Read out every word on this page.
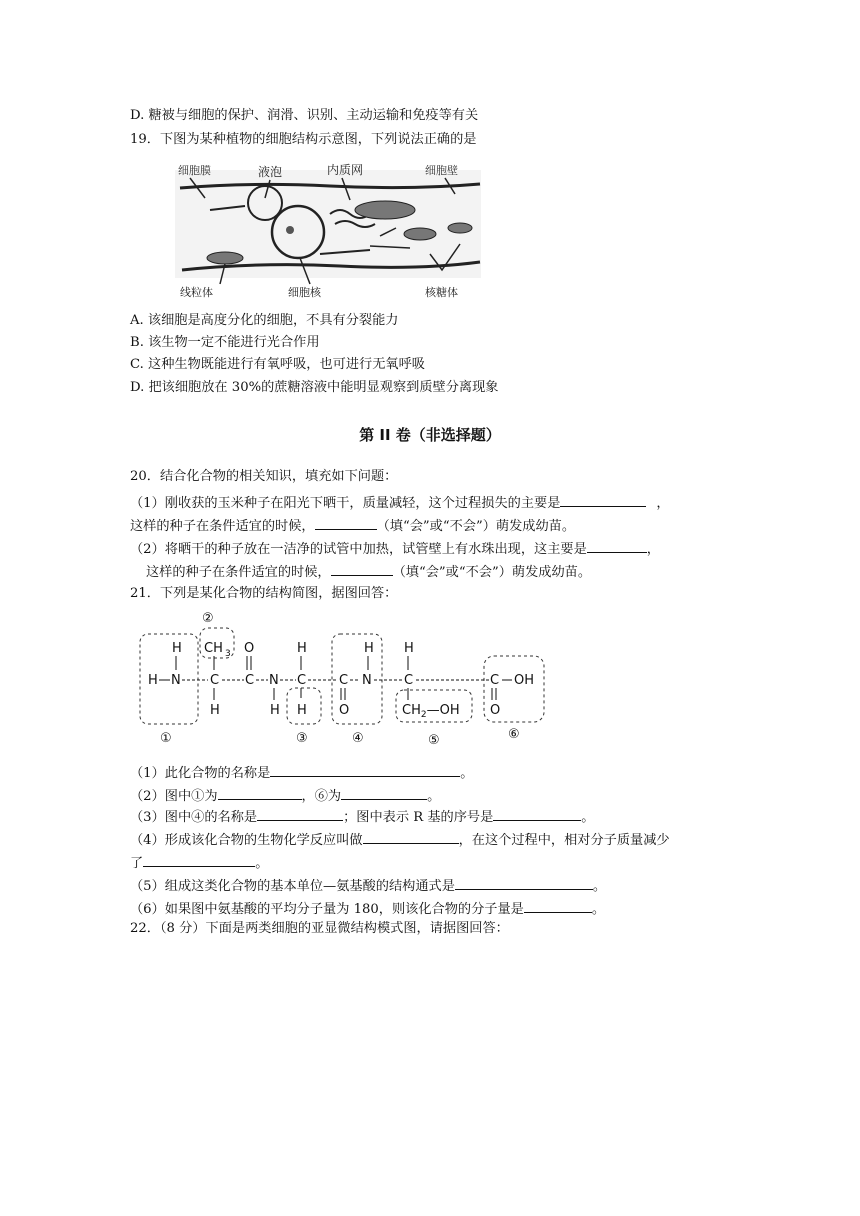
D. 糖被与细胞的保护、润滑、识别、主动运输和免疫等有关
19．下图为某种植物的细胞结构示意图，下列说法正确的是
细胞膜	液泡	内质网	细胞壁
线粒体	细胞核	核糖体
A. 该细胞是高度分化的细胞，不具有分裂能力
B. 该生物一定不能进行光合作用
C. 这种生物既能进行有氧呼吸，也可进行无氧呼吸
D. 把该细胞放在 30%的蔗糖溶液中能明显观察到质壁分离现象
第 II 卷（非选择题）
20．结合化合物的相关知识，填充如下问题：
（1）刚收获的玉米种子在阳光下晒干，质量减轻，这个过程损失的主要是	，
这样的种子在条件适宜的时候，	（填“会”或“不会”）萌发成幼苗。
（2）将晒干的种子放在一洁净的试管中加热，试管壁上有水珠出现，这主要是	，
这样的种子在条件适宜的时候，	（填“会”或“不会”）萌发成幼苗。
21．下列是某化合物的结构简图，据图回答：
②
H
H N
CH 3
C
H
O
C N
H
H
C
H
C
O
N
H H
C
$CH_2—OH$
C OH
O
①	③	④	⑤	⑥
（1）此化合物的名称是	。
（2）图中①为	，⑥为	。
（3）图中④的名称是	；图中表示 R 基的序号是	。
（4）形成该化合物的生物化学反应叫做	，在这个过程中，相对分子质量减少
了	。
（5）组成这类化合物的基本单位—氨基酸的结构通式是	。
（6）如果图中氨基酸的平均分子量为 180，则该化合物的分子量是	。
22．（8 分）下面是两类细胞的亚显微结构模式图，请据图回答：
